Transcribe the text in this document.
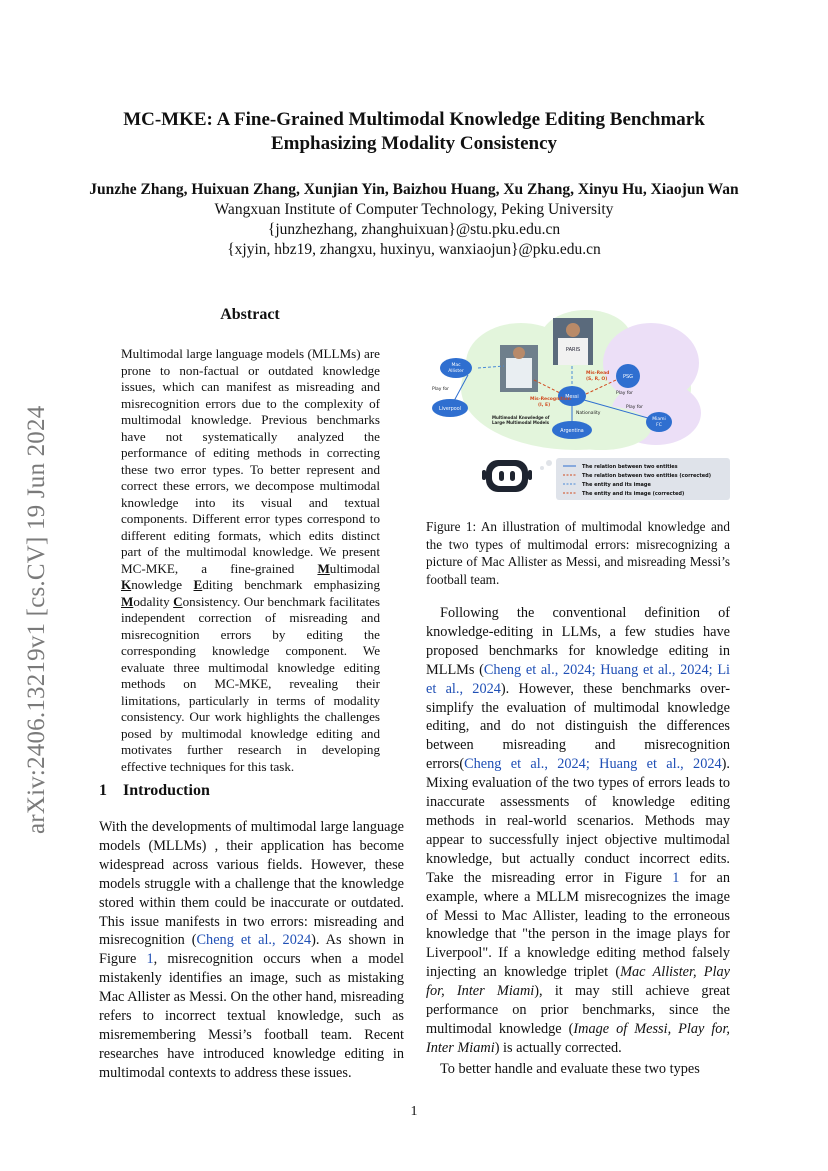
MC-MKE: A Fine-Grained Multimodal Knowledge Editing Benchmark
Emphasizing Modality Consistency
Junzhe Zhang, Huixuan Zhang, Xunjian Yin, Baizhou Huang, Xu Zhang, Xinyu Hu, Xiaojun Wan
Wangxuan Institute of Computer Technology, Peking University
{junzhezhang, zhanghuixuan}@stu.pku.edu.cn
{xjyin, hbz19, zhangxu, huxinyu, wanxiaojun}@pku.edu.cn
arXiv:2406.13219v1 [cs.CV] 19 Jun 2024
Abstract
Multimodal large language models (MLLMs) are prone to non-factual or outdated knowledge issues, which can manifest as misreading and misrecognition errors due to the complexity of multimodal knowledge. Previous benchmarks have not systematically analyzed the performance of editing methods in correcting these two error types. To better represent and correct these errors, we decompose multimodal knowledge into its visual and textual components. Different error types correspond to different editing formats, which edits distinct part of the multimodal knowledge. We present MC-MKE, a fine-grained Multimodal Knowledge Editing benchmark emphasizing Modality Consistency. Our benchmark facilitates independent correction of misreading and misrecognition errors by editing the corresponding knowledge component. We evaluate three multimodal knowledge editing methods on MC-MKE, revealing their limitations, particularly in terms of modality consistency. Our work highlights the challenges posed by multimodal knowledge editing and motivates further research in developing effective techniques for this task.
1 Introduction
With the developments of multimodal large language models (MLLMs) , their application has become widespread across various fields. However, these models struggle with a challenge that the knowledge stored within them could be inaccurate or outdated. This issue manifests in two errors: misreading and misrecognition (Cheng et al., 2024). As shown in Figure 1, misrecognition occurs when a model mistakenly identifies an image, such as mistaking Mac Allister as Messi. On the other hand, misreading refers to incorrect textual knowledge, such as misremembering Messi’s football team. Recent researches have introduced knowledge editing in multimodal contexts to address these issues.
PARIS
Mac
Allister
Liverpool
Messi
PSG
Miami
FC
Argentina
Play for
Play for
Play for
Nationality
Mis-Read
(S, R, O)
Mis-Recognition
(I, E)
Multimodal Knowledge of
Large Multimodal Models
The relation between two entities
The relation between two entities (corrected)
The entity and its image
The entity and its image (corrected)
Figure 1: An illustration of multimodal knowledge and the two types of multimodal errors: misrecognizing a picture of Mac Allister as Messi, and misreading Messi’s football team.
Following the conventional definition of knowledge-editing in LLMs, a few studies have proposed benchmarks for knowledge editing in MLLMs (Cheng et al., 2024; Huang et al., 2024; Li et al., 2024). However, these benchmarks over-simplify the evaluation of multimodal knowledge editing, and do not distinguish the differences between misreading and misrecognition errors(Cheng et al., 2024; Huang et al., 2024). Mixing evaluation of the two types of errors leads to inaccurate assessments of knowledge editing methods in real-world scenarios. Methods may appear to successfully inject objective multimodal knowledge, but actually conduct incorrect edits. Take the misreading error in Figure 1 for an example, where a MLLM misrecognizes the image of Messi to Mac Allister, leading to the erroneous knowledge that "the person in the image plays for Liverpool". If a knowledge editing method falsely injecting an knowledge triplet (Mac Allister, Play for, Inter Miami), it may still achieve great performance on prior benchmarks, since the multimodal knowledge (Image of Messi, Play for, Inter Miami) is actually corrected.
To better handle and evaluate these two types
1
